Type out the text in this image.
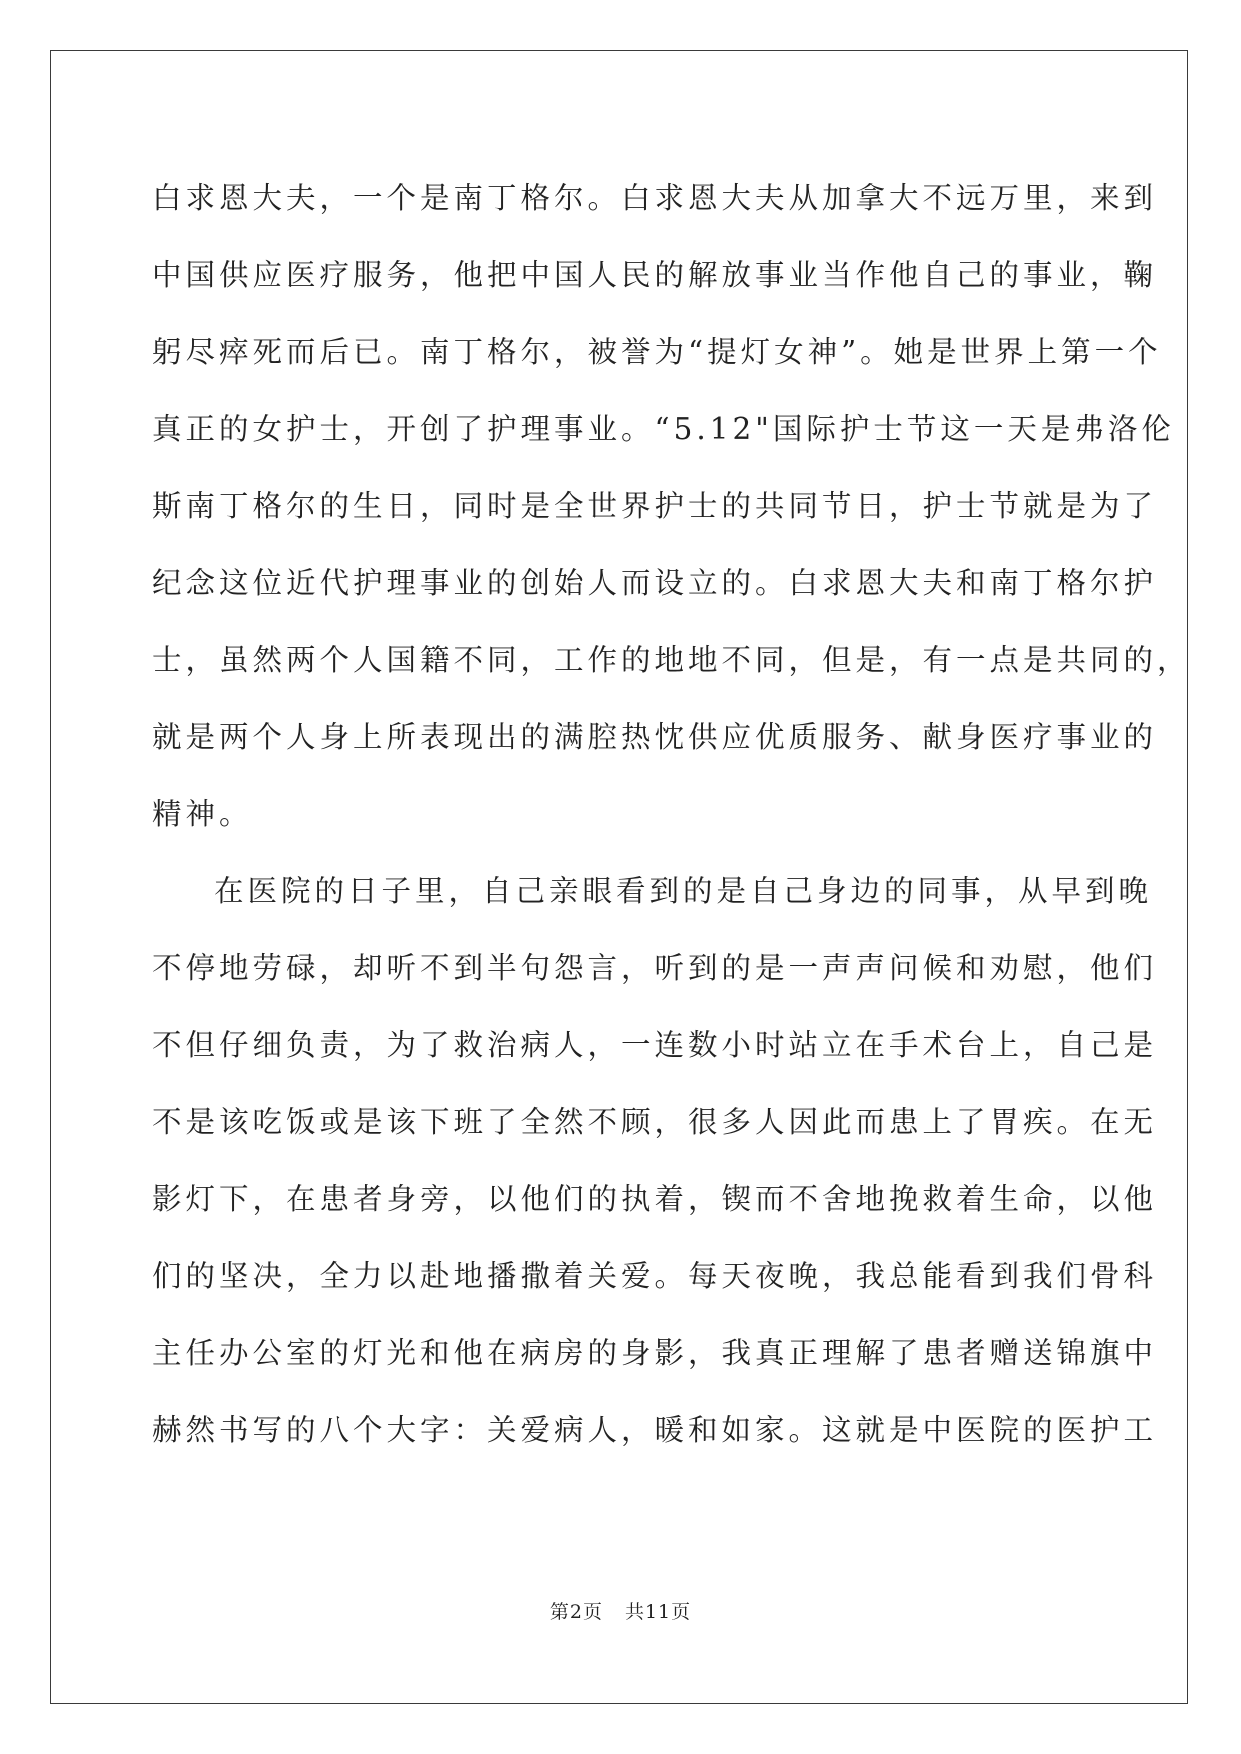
白求恩大夫，一个是南丁格尔。白求恩大夫从加拿大不远万里，来到
中国供应医疗服务，他把中国人民的解放事业当作他自己的事业，鞠
躬尽瘁死而后已。南丁格尔，被誉为“提灯女神”。她是世界上第一个
真正的女护士，开创了护理事业。“5.12"国际护士节这一天是弗洛伦
斯南丁格尔的生日，同时是全世界护士的共同节日，护士节就是为了
纪念这位近代护理事业的创始人而设立的。白求恩大夫和南丁格尔护
士，虽然两个人国籍不同，工作的地地不同，但是，有一点是共同的，
就是两个人身上所表现出的满腔热忱供应优质服务、献身医疗事业的
精神。
在医院的日子里，自己亲眼看到的是自己身边的同事，从早到晚
不停地劳碌，却听不到半句怨言，听到的是一声声问候和劝慰，他们
不但仔细负责，为了救治病人，一连数小时站立在手术台上，自己是
不是该吃饭或是该下班了全然不顾，很多人因此而患上了胃疾。在无
影灯下，在患者身旁，以他们的执着，锲而不舍地挽救着生命，以他
们的坚决，全力以赴地播撒着关爱。每天夜晚，我总能看到我们骨科
主任办公室的灯光和他在病房的身影，我真正理解了患者赠送锦旗中
赫然书写的八个大字：关爱病人，暖和如家。这就是中医院的医护工
第2页 共11页
